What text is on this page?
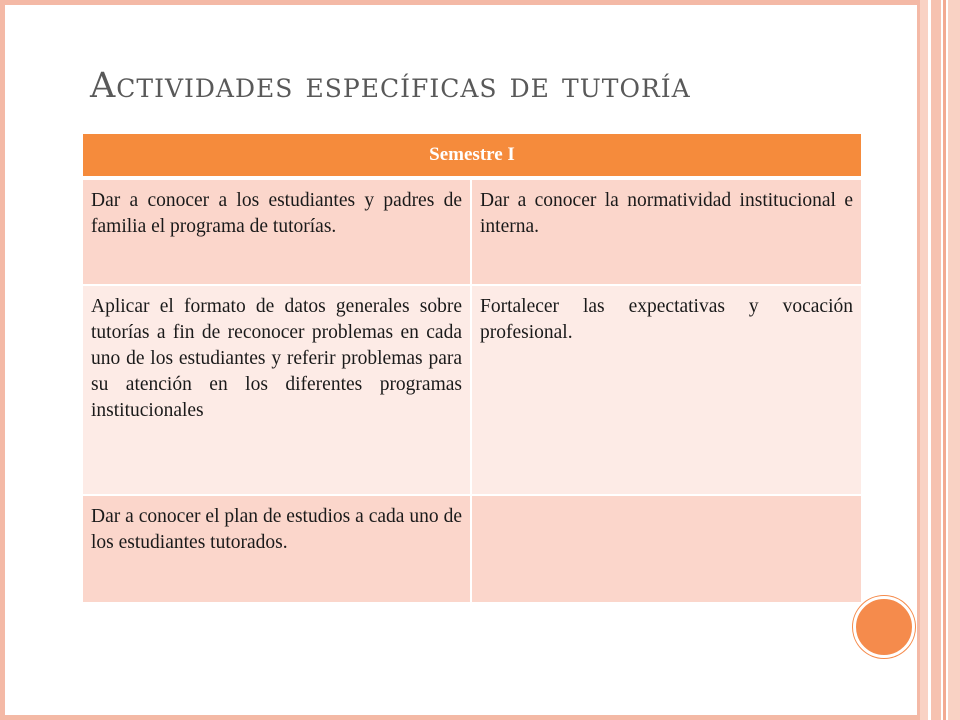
Actividades específicas de tutoría
Semestre I	
Dar a conocer a los estudiantes y padres de familia el programa de tutorías.	Dar a conocer la normatividad institucional e interna.
Aplicar el formato de datos generales sobre tutorías a fin de reconocer problemas en cada uno de los estudiantes y referir problemas para su atención en los diferentes programas institucionales	Fortalecer las expectativas y vocación profesional.
Dar a conocer el plan de estudios a cada uno de los estudiantes tutorados.	
